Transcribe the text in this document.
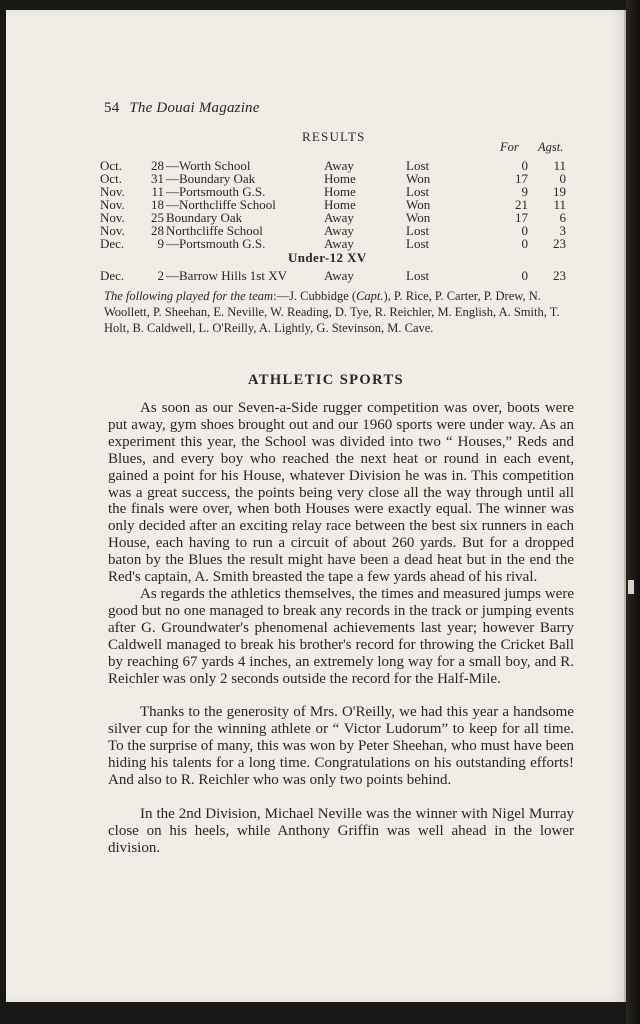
54 The Douai Magazine
RESULTS
For Agst.
Oct.	28 —Worth School	Away	Lost	0	11
Oct.	31 —Boundary Oak	Home	Won	17	0
Nov.	11 —Portsmouth G.S.	Home	Lost	9	19
Nov.	18 —Northcliffe School	Home	Won	21	11
Nov.	25 Boundary Oak	Away	Won	17	6
Nov.	28 Northcliffe School	Away	Lost	0	3
Dec.	9 —Portsmouth G.S.	Away	Lost	0	23
Under-12 XV
Dec.	2 —Barrow Hills 1st XV	Away	Lost	0	23
The following played for the team:—J. Cubbidge (Capt.), P. Rice, P. Carter, P. Drew, N. Woollett, P. Sheehan, E. Neville, W. Reading, D. Tye, R. Reichler, M. English, A. Smith, T. Holt, B. Caldwell, L. O'Reilly, A. Lightly, G. Stevinson, M. Cave.
ATHLETIC SPORTS

As soon as our Seven-a-Side rugger competition was over, boots were put away, gym shoes brought out and our 1960 sports were under way. As an experiment this year, the School was divided into two “ Houses,” Reds and Blues, and every boy who reached the next heat or round in each event, gained a point for his House, whatever Division he was in. This competition was a great success, the points being very close all the way through until all the finals were over, when both Houses were exactly equal. The winner was only decided after an exciting relay race between the best six runners in each House, each having to run a circuit of about 260 yards. But for a dropped baton by the Blues the result might have been a dead heat but in the end the Red's captain, A. Smith breasted the tape a few yards ahead of his rival.

As regards the athletics themselves, the times and measured jumps were good but no one managed to break any records in the track or jumping events after G. Groundwater's phenomenal achievements last year; however Barry Caldwell managed to break his brother's record for throwing the Cricket Ball by reaching 67 yards 4 inches, an extremely long way for a small boy, and R. Reichler was only 2 seconds outside the record for the Half-Mile.

Thanks to the generosity of Mrs. O'Reilly, we had this year a handsome silver cup for the winning athlete or “ Victor Ludorum” to keep for all time. To the surprise of many, this was won by Peter Sheehan, who must have been hiding his talents for a long time. Congratulations on his outstanding efforts! And also to R. Reichler who was only two points behind.

In the 2nd Division, Michael Neville was the winner with Nigel Murray close on his heels, while Anthony Griffin was well ahead in the lower division.
